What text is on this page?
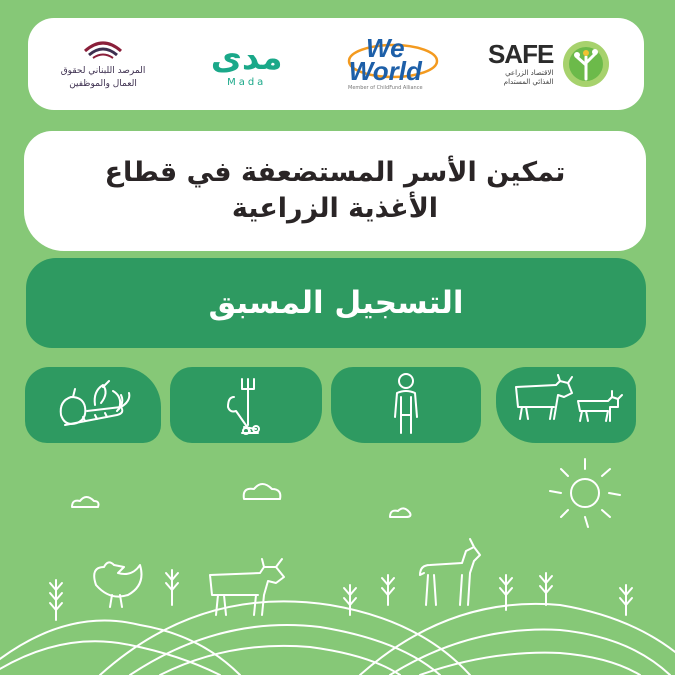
المرصد اللبناني لحقوق
العمال والموظفين
مدى
Mada
We
World
Member of ChildFund Alliance
SAFE
الاقتصاد الزراعي
الغذائي المستدام
تمكين الأسر المستضعفة في قطاع
الأغذية الزراعية
التسجيل المسبق
